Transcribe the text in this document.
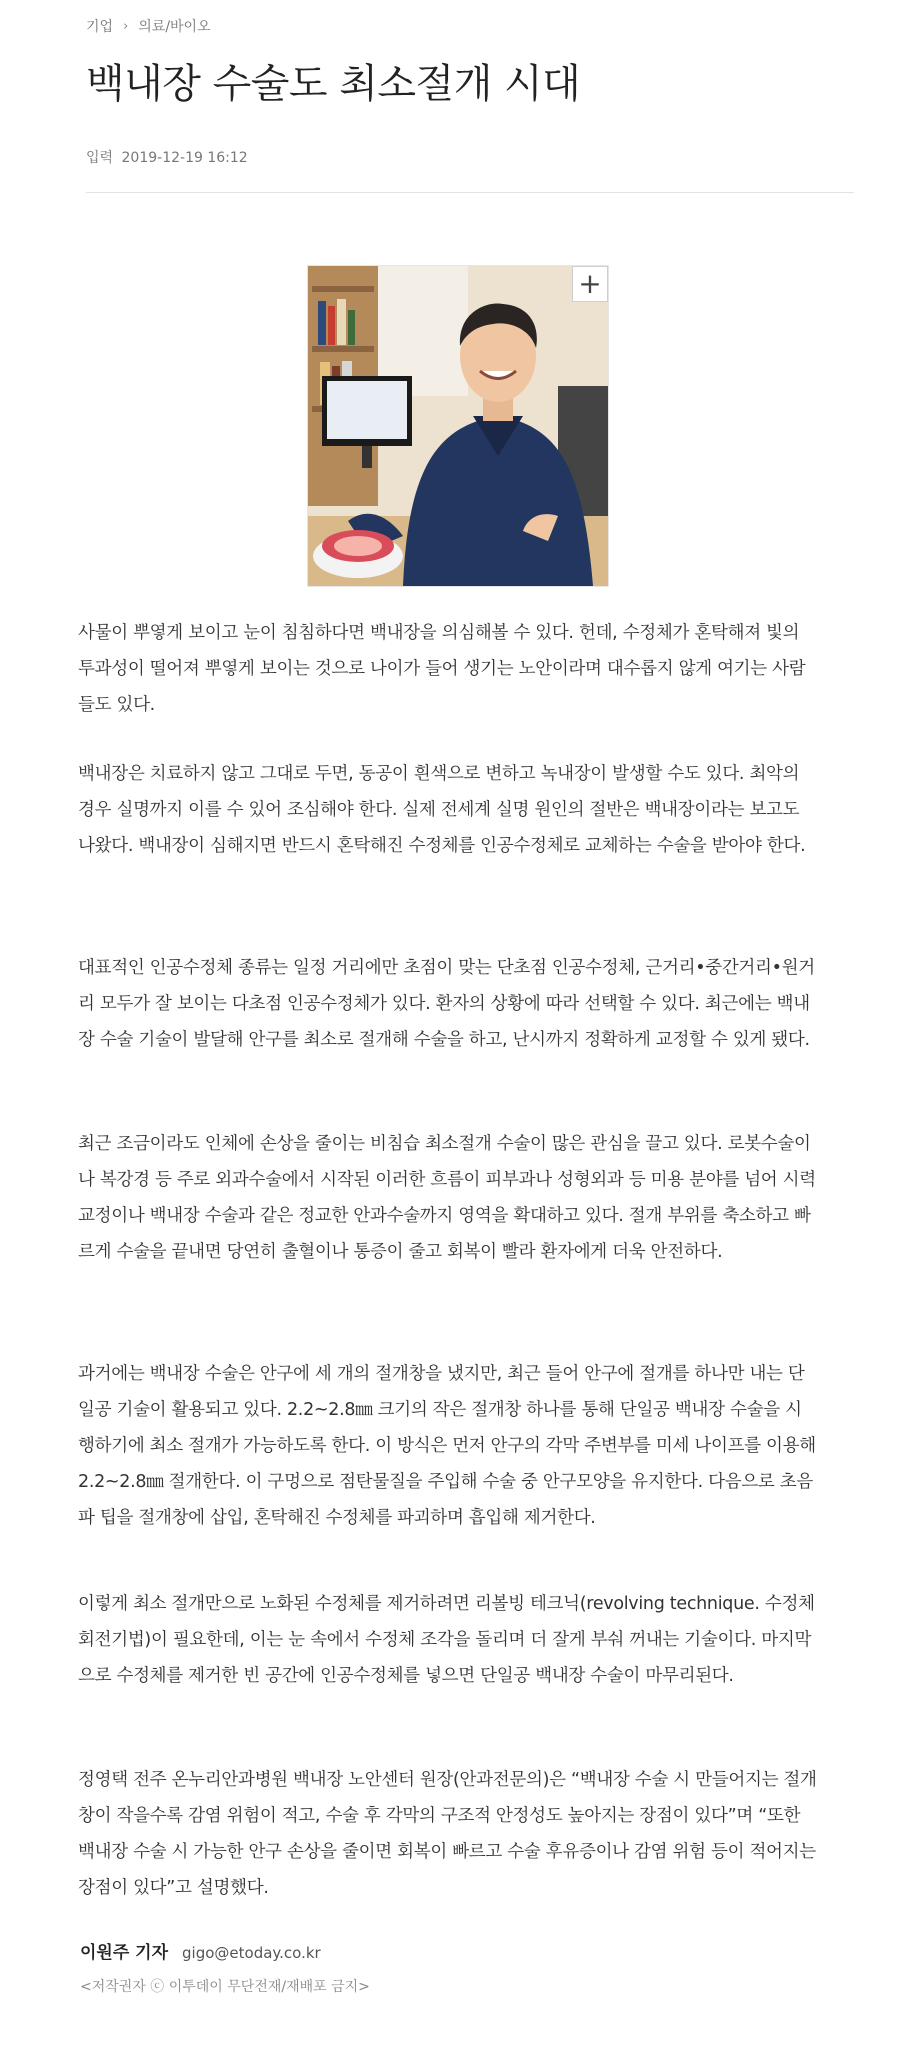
기업 › 의료/바이오
백내장 수술도 최소절개 시대
입력 2019-12-19 16:12
+

사물이 뿌옇게 보이고 눈이 침침하다면 백내장을 의심해볼 수 있다. 헌데, 수정체가 혼탁해져 빛의 투과성이 떨어져 뿌옇게 보이는 것으로 나이가 들어 생기는 노안이라며 대수롭지 않게 여기는 사람들도 있다.

백내장은 치료하지 않고 그대로 두면, 동공이 흰색으로 변하고 녹내장이 발생할 수도 있다. 최악의 경우 실명까지 이를 수 있어 조심해야 한다. 실제 전세계 실명 원인의 절반은 백내장이라는 보고도 나왔다. 백내장이 심해지면 반드시 혼탁해진 수정체를 인공수정체로 교체하는 수술을 받아야 한다.

대표적인 인공수정체 종류는 일정 거리에만 초점이 맞는 단초점 인공수정체, 근거리•중간거리•원거리 모두가 잘 보이는 다초점 인공수정체가 있다. 환자의 상황에 따라 선택할 수 있다. 최근에는 백내장 수술 기술이 발달해 안구를 최소로 절개해 수술을 하고, 난시까지 정확하게 교정할 수 있게 됐다.

최근 조금이라도 인체에 손상을 줄이는 비침습 최소절개 수술이 많은 관심을 끌고 있다. 로봇수술이나 복강경 등 주로 외과수술에서 시작된 이러한 흐름이 피부과나 성형외과 등 미용 분야를 넘어 시력교정이나 백내장 수술과 같은 정교한 안과수술까지 영역을 확대하고 있다. 절개 부위를 축소하고 빠르게 수술을 끝내면 당연히 출혈이나 통증이 줄고 회복이 빨라 환자에게 더욱 안전하다.

과거에는 백내장 수술은 안구에 세 개의 절개창을 냈지만, 최근 들어 안구에 절개를 하나만 내는 단일공 기술이 활용되고 있다. 2.2~2.8㎜ 크기의 작은 절개창 하나를 통해 단일공 백내장 수술을 시행하기에 최소 절개가 가능하도록 한다. 이 방식은 먼저 안구의 각막 주변부를 미세 나이프를 이용해 2.2~2.8㎜ 절개한다. 이 구멍으로 점탄물질을 주입해 수술 중 안구모양을 유지한다. 다음으로 초음파 팁을 절개창에 삽입, 혼탁해진 수정체를 파괴하며 흡입해 제거한다.

이렇게 최소 절개만으로 노화된 수정체를 제거하려면 리볼빙 테크닉(revolving technique. 수정체 회전기법)이 필요한데, 이는 눈 속에서 수정체 조각을 돌리며 더 잘게 부숴 꺼내는 기술이다. 마지막으로 수정체를 제거한 빈 공간에 인공수정체를 넣으면 단일공 백내장 수술이 마무리된다.

정영택 전주 온누리안과병원 백내장 노안센터 원장(안과전문의)은 “백내장 수술 시 만들어지는 절개창이 작을수록 감염 위험이 적고, 수술 후 각막의 구조적 안정성도 높아지는 장점이 있다”며 “또한 백내장 수술 시 가능한 안구 손상을 줄이면 회복이 빠르고 수술 후유증이나 감염 위험 등이 적어지는 장점이 있다”고 설명했다.

이원주 기자 gigo@etoday.co.kr
<저작권자 ⓒ 이투데이 무단전재/재배포 금지>
